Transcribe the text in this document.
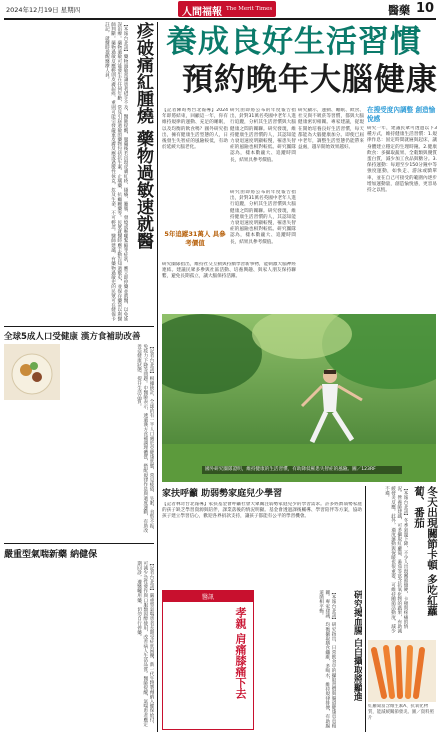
2024年12月19日 星期四	人間福報 The Merit Times	醫藥 10
疹破痛紅腫燒 藥物過敏速就醫
【本報台北訊】藥物過敏常讓患者措手不及，醫師提醒，服藥後若出現皮膚紅疹、搔癢、腫脹、發燒或喉嚨緊縮等症狀，應立即停藥並就醫，以免延誤治療。藥物過敏可能發生在任何年齡，常見引起過敏的藥物包括抗生素、止痛藥、抗癲癇藥等。民眾就醫時應主動告知過敏史，並保存藥袋以利醫師判斷。藥物過敏反應輕則皮膚起疹，重則可能引發嚴重皮膚反應或過敏性休克，危及生命，不可輕忽。醫師建議，有藥物過敏史的民眾可在健保卡註記，就醫時提醒醫療人員。
全球5成人口受健康 漢方食補助改善
【記者台北訊】根據統計，全球約有一半人口處於亞健康狀態，常見疲倦、失眠、食慾不振、免疫力下降等問題。中醫師表示，透過漢方食補調理體質，搭配規律作息與適度運動，有助改善亞健康狀態，提升生活品質。
嚴重型氣喘新藥 納健保
【記者台北訊】嚴重型氣喘患者長期受症狀困擾，新一代生物製劑納入健保給付，可減少急性發作與口服類固醇使用，改善病人生活品質。醫師提醒，氣喘患者應定期回診，遵醫囑用藥，切勿自行停藥。
養成良好生活習慣
預約晚年大腦健康
【記者陳昀秀台北報導】2024年即將結束，回顧這一年，你有維持規律的運動、充足的睡眠，以及均衡的飲食嗎？國外研究指出，擁有健康生活型態的人，日後發生失智症的風險較低，有助於延緩大腦老化。
研究由即將公布的年度報告指出，針對31萬名英國中老年人進行追蹤，分析其生活習慣與大腦健康之間的關聯。研究發現，維持健康生活習慣的人，其認知能力衰退速度明顯較慢，罹患失智症的風險也相對較低。研究團隊認為，樣本數龐大、追蹤時間長，結果具參考價值。
研究顯示，運動、睡眠、飲食、社交與不吸菸等習慣，都與大腦健康密切相關。專家建議，從現在開始培養良好生活習慣，每天都能為大腦健康加分。即使已屆中老年，調整生活型態仍能帶來益處，越早開始效果越好。
5年追蹤31萬人 具參考價值
研究團隊指出，維持社交互動與持續學習新事物，能刺激大腦神經連結。建議民眾多參與社區活動、培養興趣、與家人朋友保持聯繫，避免長期孤立，讓大腦保持活躍。
研究由即將公布的年度報告指出，針對31萬名英國中老年人進行追蹤，分析其生活習慣與大腦健康之間的關聯。研究發現，維持健康生活習慣的人，其認知能力衰退速度明顯較慢，罹患失智症的風險也相對較低。研究團隊認為，樣本數龐大、追蹤時間長，結果具參考價值。
在搜受度內調整 創造愉悅感
研究一年，建議民眾可透過以下3種方式，維持健康生活習慣：1.規律作息：固定時間就寢與起床，讓身體建立穩定的生理時鐘。2.健康飲食：多攝取蔬果、全穀類與優質蛋白質，減少加工食品與糖分。3.保持運動：每週至少150分鐘中等強度運動，如快走、游泳或騎單車，並在自己可接受的範圍內逐步增加運動量，創造愉悅感，更容易持之以恆。
國外研究團隊證明，維持健康的生活習慣，有助降低罹患失智症的風險。圖／123RF
家扶呼籲 助弱勢家庭兒少學習
【記者林奇台北報導】家扶基金會呼籲社會大眾關注弱勢家庭兒少的學習需求。許多經濟弱勢家庭的孩子缺乏學習資源與陪伴，課業落後的情況明顯。基金會透過課後輔導、學習陪伴等方案，協助孩子建立學習信心，歡迎各界捐款支持，讓孩子都能有公平的學習機會。
醫訊
孝親 肩痛膝痛下去	研究揭血腸 白白攝取將顯進
【本報台北訊】研究指出，日常飲食中的攝取習慣與腸道健康息息相關。專家建議，均衡攝取膳食纖維，多喝水，維持規律排便，有助腸道菌相平衡。	冬天出現關節卡頓 多吃紅蘿蔔、番茄
【本報台北訊】冬季氣溫下降，不少人出現關節僵硬、卡頓與疼痛的情況。營養師建議，可多攝取紅蘿蔔、番茄等富含抗氧化物的蔬果，有助減緩發炎反應。此外，適度運動與保暖也很重要，可維持關節活動度，減少不適。
紅蘿蔔富含維生素A、抗氧化物質，能減緩關節發炎。圖／資料照片
